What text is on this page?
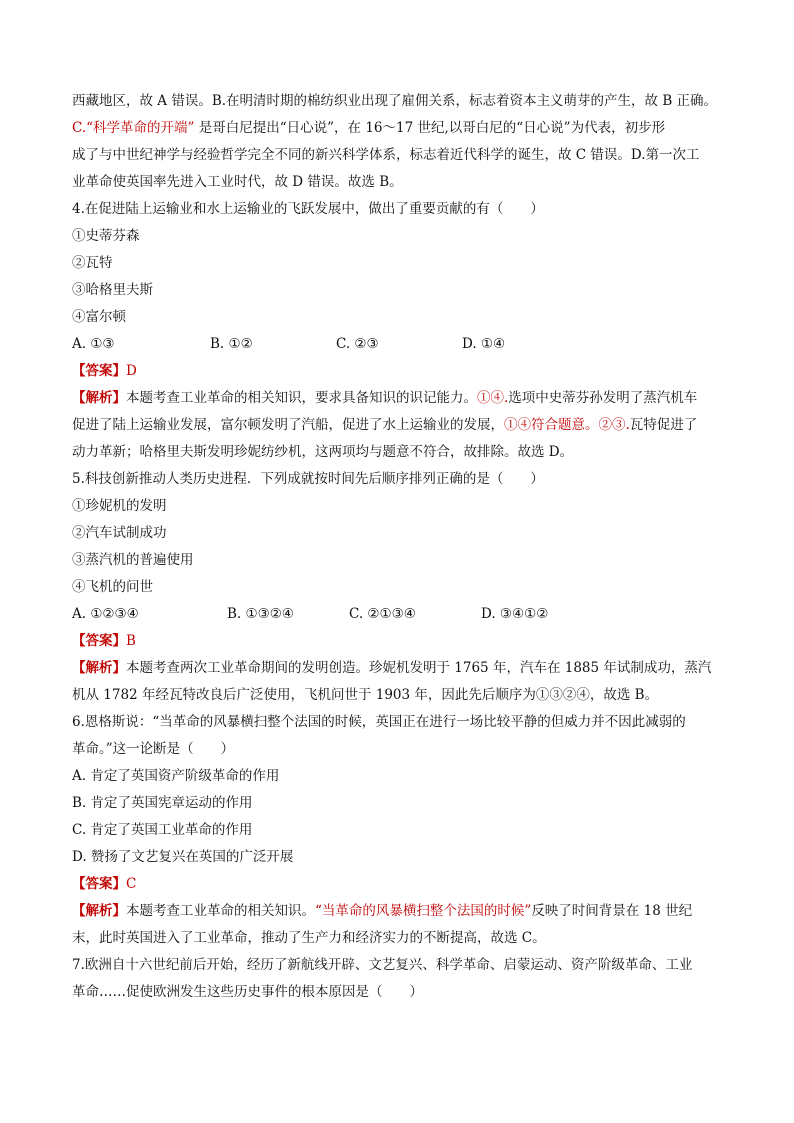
西藏地区，故 A 错误。B.在明清时期的棉纺织业出现了雇佣关系，标志着资本主义萌芽的产生，故 B 正确。
C.“科学革命的开端” 是哥白尼提出“日心说”，在 16～17 世纪,以哥白尼的“日心说”为代表，初步形
成了与中世纪神学与经验哲学完全不同的新兴科学体系，标志着近代科学的诞生，故 C 错误。D.第一次工
业革命使英国率先进入工业时代，故 D 错误。故选 B。
4.在促进陆上运输业和水上运输业的飞跃发展中，做出了重要贡献的有（　　）
①史蒂芬森
②瓦特
③哈格里夫斯
④富尔顿
A. ①③	B. ①②	C. ②③	D. ①④
【答案】D
【解析】本题考查工业革命的相关知识，要求具备知识的识记能力。①④.选项中史蒂芬孙发明了蒸汽机车
促进了陆上运输业发展，富尔顿发明了汽船，促进了水上运输业的发展，①④符合题意。②③.瓦特促进了
动力革新；哈格里夫斯发明珍妮纺纱机，这两项均与题意不符合，故排除。故选 D。
5.科技创新推动人类历史进程．下列成就按时间先后顺序排列正确的是（　　）
①珍妮机的发明
②汽车试制成功
③蒸汽机的普遍使用
④飞机的问世
A. ①②③④	B. ①③②④	C. ②①③④	D. ③④①②
【答案】B
【解析】本题考查两次工业革命期间的发明创造。珍妮机发明于 1765 年，汽车在 1885 年试制成功，蒸汽
机从 1782 年经瓦特改良后广泛使用，飞机问世于 1903 年，因此先后顺序为①③②④，故选 B。
6.恩格斯说：“当革命的风暴横扫整个法国的时候，英国正在进行一场比较平静的但威力并不因此减弱的
革命。”这一论断是（　　）
A. 肯定了英国资产阶级革命的作用
B. 肯定了英国宪章运动的作用
C. 肯定了英国工业革命的作用
D. 赞扬了文艺复兴在英国的广泛开展
【答案】C
【解析】本题考查工业革命的相关知识。“当革命的风暴横扫整个法国的时候”反映了时间背景在 18 世纪
末，此时英国进入了工业革命，推动了生产力和经济实力的不断提高，故选 C。
7.欧洲自十六世纪前后开始，经历了新航线开辟、文艺复兴、科学革命、启蒙运动、资产阶级革命、工业
革命……促使欧洲发生这些历史事件的根本原因是（　　）
